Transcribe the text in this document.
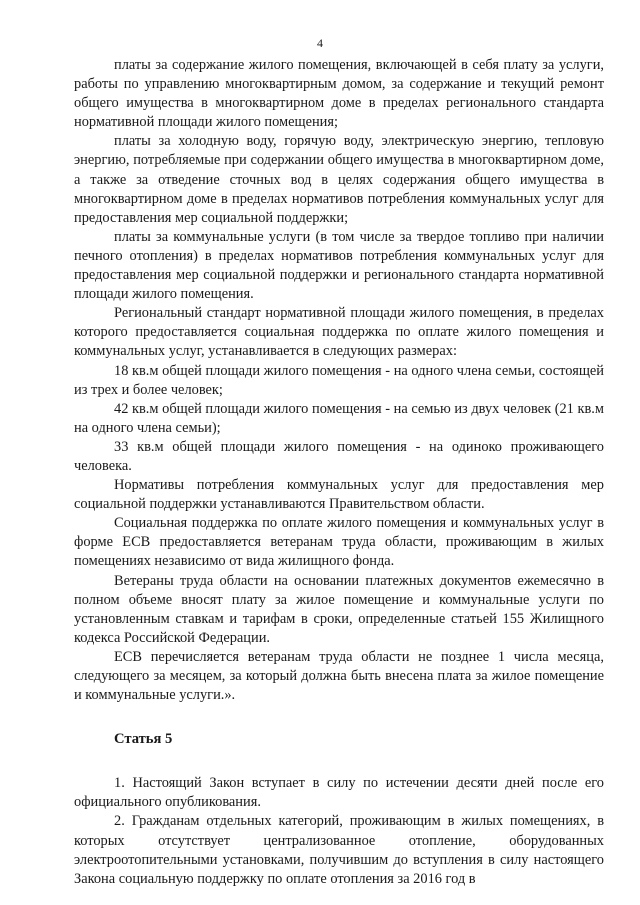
4

платы за содержание жилого помещения, включающей в себя плату за услуги, работы по управлению многоквартирным домом, за содержание и текущий ремонт общего имущества в многоквартирном доме в пределах регионального стандарта нормативной площади жилого помещения;

платы за холодную воду, горячую воду, электрическую энергию, тепловую энергию, потребляемые при содержании общего имущества в многоквартирном доме, а также за отведение сточных вод в целях содержания общего имущества в многоквартирном доме в пределах нормативов потребления коммунальных услуг для предоставления мер социальной поддержки;

платы за коммунальные услуги (в том числе за твердое топливо при наличии печного отопления) в пределах нормативов потребления коммунальных услуг для предоставления мер социальной поддержки и регионального стандарта нормативной площади жилого помещения.

Региональный стандарт нормативной площади жилого помещения, в пределах которого предоставляется социальная поддержка по оплате жилого помещения и коммунальных услуг, устанавливается в следующих размерах:

18 кв.м общей площади жилого помещения - на одного члена семьи, состоящей из трех и более человек;

42 кв.м общей площади жилого помещения - на семью из двух человек (21 кв.м на одного члена семьи);

33 кв.м общей площади жилого помещения - на одиноко проживающего человека.

Нормативы потребления коммунальных услуг для предоставления мер социальной поддержки устанавливаются Правительством области.

Социальная поддержка по оплате жилого помещения и коммунальных услуг в форме ЕСВ предоставляется ветеранам труда области, проживающим в жилых помещениях независимо от вида жилищного фонда.

Ветераны труда области на основании платежных документов ежемесячно в полном объеме вносят плату за жилое помещение и коммунальные услуги по установленным ставкам и тарифам в сроки, определенные статьей 155 Жилищного кодекса Российской Федерации.

ЕСВ перечисляется ветеранам труда области не позднее 1 числа месяца, следующего за месяцем, за который должна быть внесена плата за жилое помещение и коммунальные услуги.».

Статья 5

1. Настоящий Закон вступает в силу по истечении десяти дней после его официального опубликования.

2. Гражданам отдельных категорий, проживающим в жилых помещениях, в которых отсутствует централизованное отопление, оборудованных электроотопительными установками, получившим до вступления в силу настоящего Закона социальную поддержку по оплате отопления за 2016 год в
